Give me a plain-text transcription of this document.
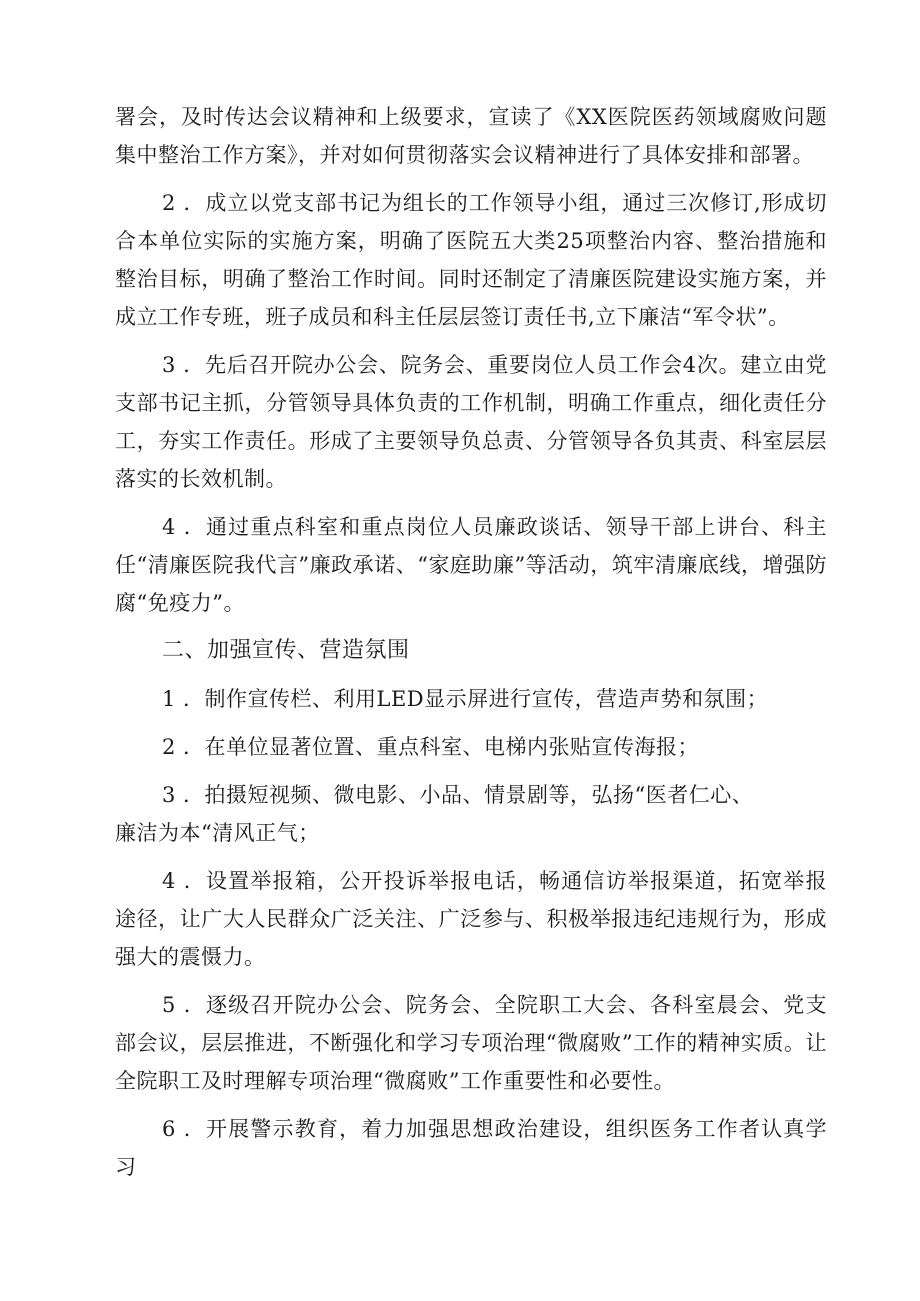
署会，及时传达会议精神和上级要求，宣读了《XX医院医药领域腐败问题集中整治工作方案》，并对如何贯彻落实会议精神进行了具体安排和部署。

2 ．成立以党支部书记为组长的工作领导小组，通过三次修订,形成切合本单位实际的实施方案，明确了医院五大类25项整治内容、整治措施和整治目标，明确了整治工作时间。同时还制定了清廉医院建设实施方案，并成立工作专班，班子成员和科主任层层签订责任书,立下廉洁“军令状”。

3 ．先后召开院办公会、院务会、重要岗位人员工作会4次。建立由党支部书记主抓，分管领导具体负责的工作机制，明确工作重点，细化责任分工，夯实工作责任。形成了主要领导负总责、分管领导各负其责、科室层层落实的长效机制。

4 ．通过重点科室和重点岗位人员廉政谈话、领导干部上讲台、科主任“清廉医院我代言”廉政承诺、“家庭助廉”等活动，筑牢清廉底线，增强防腐“免疫力”。

二、加强宣传、营造氛围

1 ．制作宣传栏、利用LED显示屏进行宣传，营造声势和氛围；

2 ．在单位显著位置、重点科室、电梯内张贴宣传海报；

3 ．拍摄短视频、微电影、小品、情景剧等，弘扬“医者仁心、

廉洁为本“清风正气；

4 ．设置举报箱，公开投诉举报电话，畅通信访举报渠道，拓宽举报途径，让广大人民群众广泛关注、广泛参与、积极举报违纪违规行为，形成强大的震慑力。

5 ．逐级召开院办公会、院务会、全院职工大会、各科室晨会、党支部会议，层层推进，不断强化和学习专项治理“微腐败”工作的精神实质。让全院职工及时理解专项治理“微腐败”工作重要性和必要性。

6 ．开展警示教育，着力加强思想政治建设，组织医务工作者认真学习
